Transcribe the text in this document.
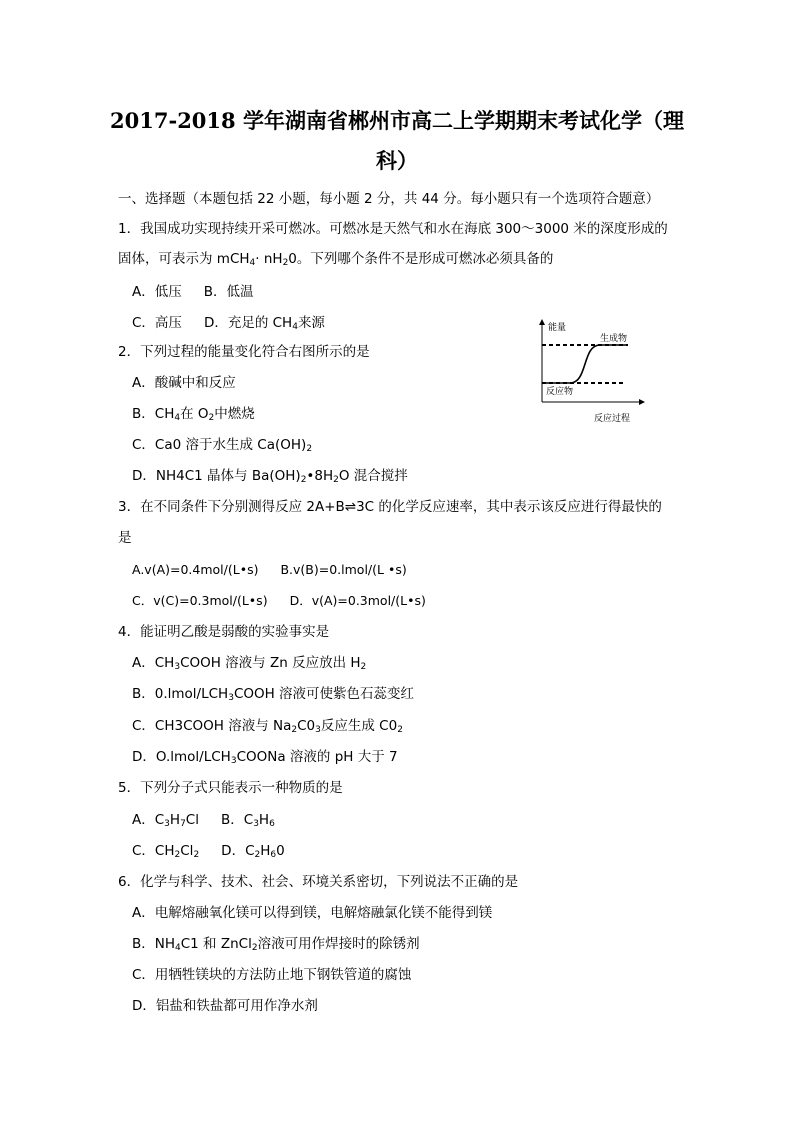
2017-2018 学年湖南省郴州市高二上学期期末考试化学（理
科）
一、选择题（本题包括 22 小题，每小题 2 分，共 44 分。每小题只有一个选项符合题意）
1．我国成功实现持续开采可燃冰。可燃冰是天然气和水在海底 300～3000 米的深度形成的
固体，可表示为 $mCH_4\cdot nH_20$。下列哪个条件不是形成可燃冰必须具备的
A．低压 B．低温
C．高压 D．充足的 $CH_4$来源	能量
反应过程
生成物
反应物
2．下列过程的能量变化符合右图所示的是
A．酸碱中和反应
B．$CH_4$在 $O_2$中燃烧
C．Ca0 溶于水生成 $Ca(OH)_2$
D．NH4C1 晶体与 $Ba(OH)_2•8H_2O$ 混合搅拌
3．在不同条件下分别测得反应 2A+B⇌3C 的化学反应速率，其中表示该反应进行得最快的
是
A.v(A)=0.4mol/(L•s) B.v(B)=0.lmol/(L •s)
C．v(C)=0.3mol/(L•s) D．v(A)=0.3mol/(L•s)
4．能证明乙酸是弱酸的实验事实是
A．$CH_3COOH$ 溶液与 Zn 反应放出 $H_2$
B．$0.lmol/LCH_3COOH$ 溶液可使紫色石蕊变红
C．CH3COOH 溶液与 $Na_2C0_3$反应生成 $C0_2$
D．$O.lmol/LCH_3COONa$ 溶液的 pH 大于 7
5．下列分子式只能表示一种物质的是
A．$C_3H_7Cl$ B．$C_3H_6$
C．$CH_2Cl_2$ D．$C_2H_60$
6．化学与科学、技术、社会、环境关系密切，下列说法不正确的是
A．电解熔融氧化镁可以得到镁，电解熔融氯化镁不能得到镁
B．$NH_4C1$ 和 ZnCl$_2$溶液可用作焊接时的除锈剂
C．用牺牲镁块的方法防止地下钢铁管道的腐蚀
D．铝盐和铁盐都可用作净水剂
